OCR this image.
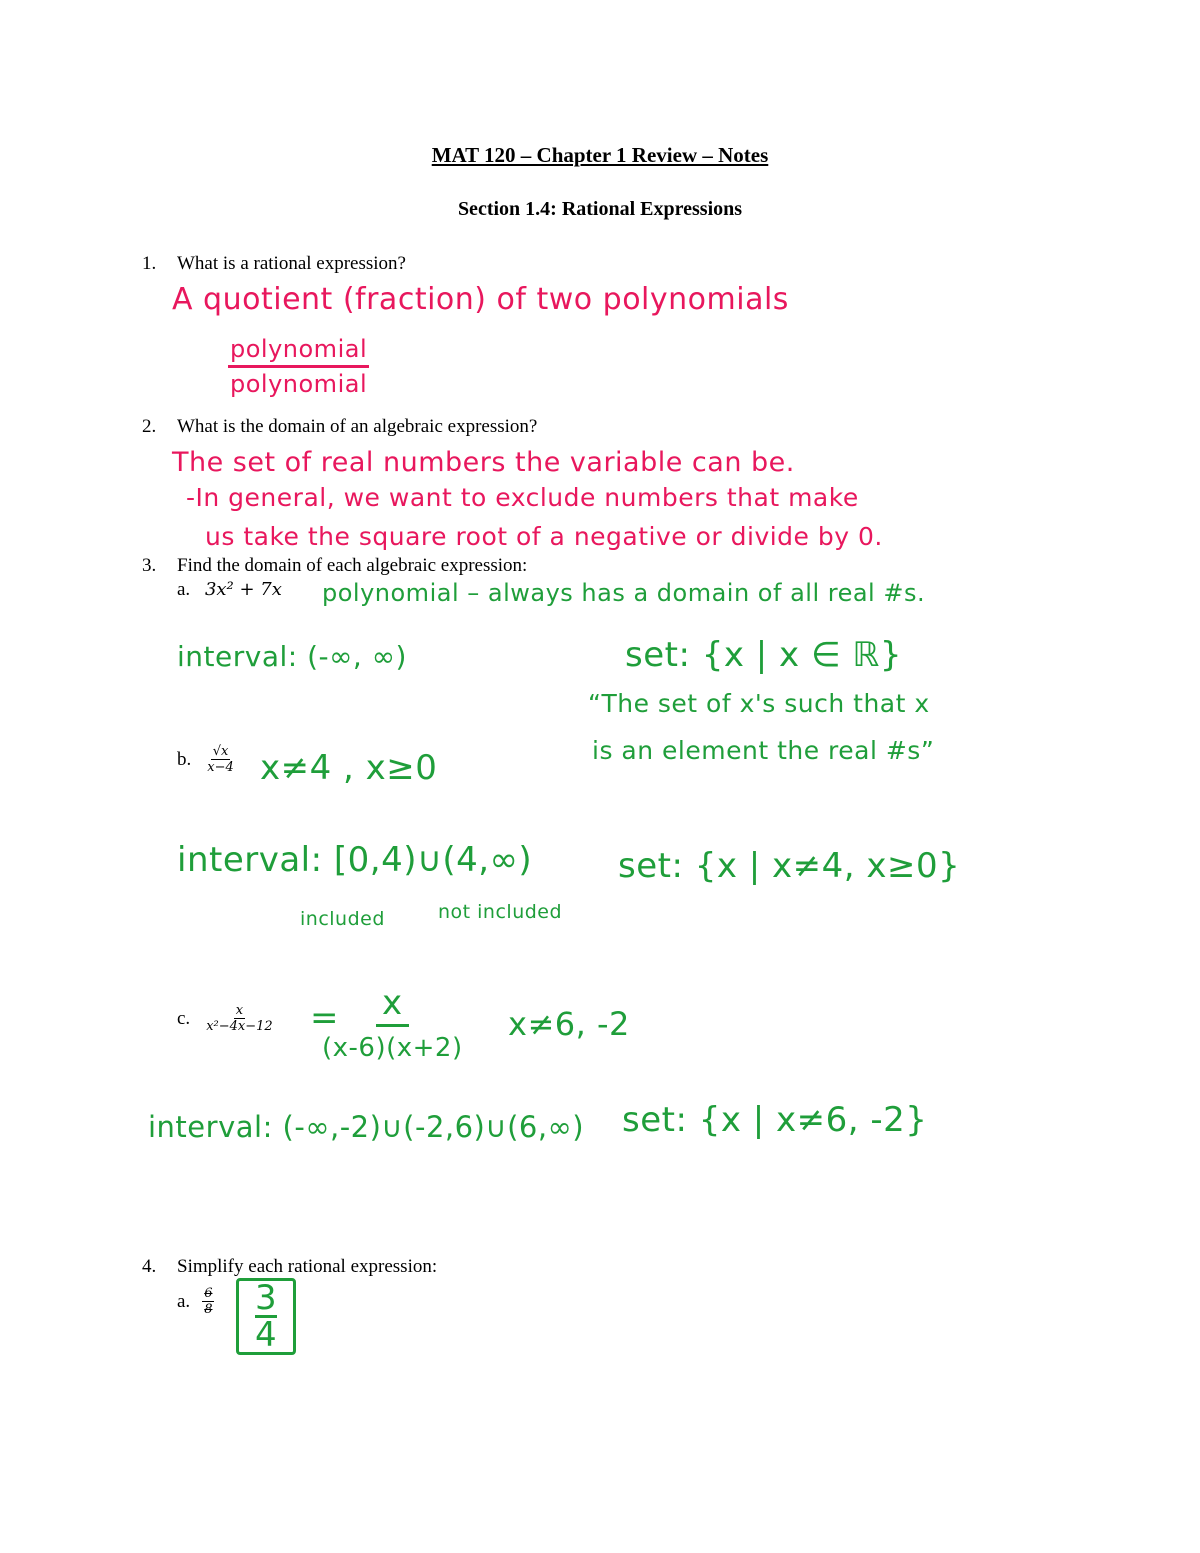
MAT 120 – Chapter 1 Review – Notes
Section 1.4: Rational Expressions
1. What is a rational expression?
2. What is the domain of an algebraic expression?
3. Find the domain of each algebraic expression:
a. 3x² + 7x
b. $\frac{√x}{x-4}$
c. $\frac{x}{\text{x²−4x−12}}$
4. Simplify each rational expression:
a. $\frac{6}{8}$
A quotient (fraction) of two polynomials
polynomial
polynomial
The set of real numbers the variable can be.
-In general, we want to exclude numbers that make
us take the square root of a negative or divide by 0.
polynomial – always has a domain of all real #s.
interval: (-∞, ∞)	set: {x | x ∈ ℝ}
“The set of x's such that x
is an element the real #s”
x≠4 , x≥0
interval: [0,4)∪(4,∞)	set: {x | x≠4, x≥0}
included	not included
= x
(x-6)(x+2)
x≠6, -2
interval: (-∞,-2)∪(-2,6)∪(6,∞) set: {x | x≠6, -2}
$\frac{3}{4}$
